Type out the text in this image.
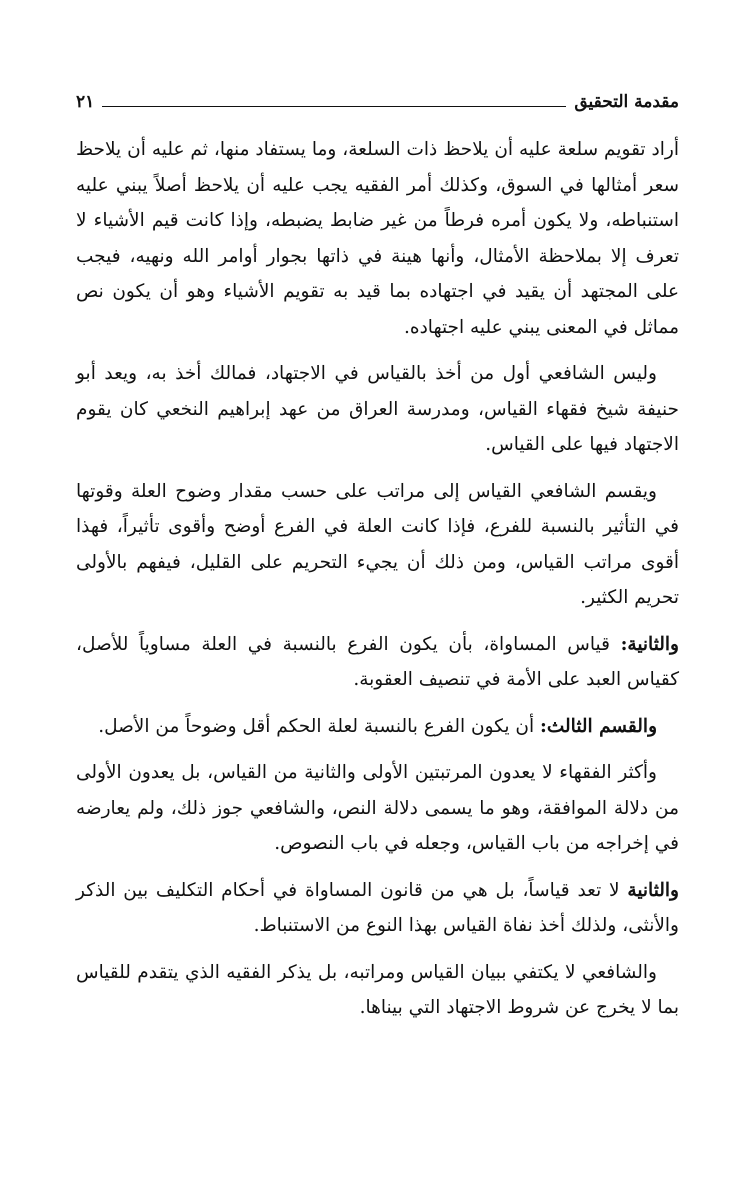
مقدمة التحقيق
٢١

أراد تقويم سلعة عليه أن يلاحظ ذات السلعة، وما يستفاد منها، ثم عليه أن يلاحظ سعر أمثالها في السوق، وكذلك أمر الفقيه يجب عليه أن يلاحظ أصلاً يبني عليه استنباطه، ولا يكون أمره فرطاً من غير ضابط يضبطه، وإذا كانت قيم الأشياء لا تعرف إلا بملاحظة الأمثال، وأنها هينة في ذاتها بجوار أوامر الله ونهيه، فيجب على المجتهد أن يقيد في اجتهاده بما قيد به تقويم الأشياء وهو أن يكون نص مماثل في المعنى يبني عليه اجتهاده.

وليس الشافعي أول من أخذ بالقياس في الاجتهاد، فمالك أخذ به، ويعد أبو حنيفة شيخ فقهاء القياس، ومدرسة العراق من عهد إبراهيم النخعي كان يقوم الاجتهاد فيها على القياس.

ويقسم الشافعي القياس إلى مراتب على حسب مقدار وضوح العلة وقوتها في التأثير بالنسبة للفرع، فإذا كانت العلة في الفرع أوضح وأقوى تأثيراً، فهذا أقوى مراتب القياس، ومن ذلك أن يجيء التحريم على القليل، فيفهم بالأولى تحريم الكثير.

والثانية: قياس المساواة، بأن يكون الفرع بالنسبة في العلة مساوياً للأصل، كقياس العبد على الأمة في تنصيف العقوبة.

والقسم الثالث: أن يكون الفرع بالنسبة لعلة الحكم أقل وضوحاً من الأصل.

وأكثر الفقهاء لا يعدون المرتبتين الأولى والثانية من القياس، بل يعدون الأولى من دلالة الموافقة، وهو ما يسمى دلالة النص، والشافعي جوز ذلك، ولم يعارضه في إخراجه من باب القياس، وجعله في باب النصوص.

والثانية لا تعد قياساً، بل هي من قانون المساواة في أحكام التكليف بين الذكر والأنثى، ولذلك أخذ نفاة القياس بهذا النوع من الاستنباط.

والشافعي لا يكتفي ببيان القياس ومراتبه، بل يذكر الفقيه الذي يتقدم للقياس بما لا يخرج عن شروط الاجتهاد التي بيناها.
